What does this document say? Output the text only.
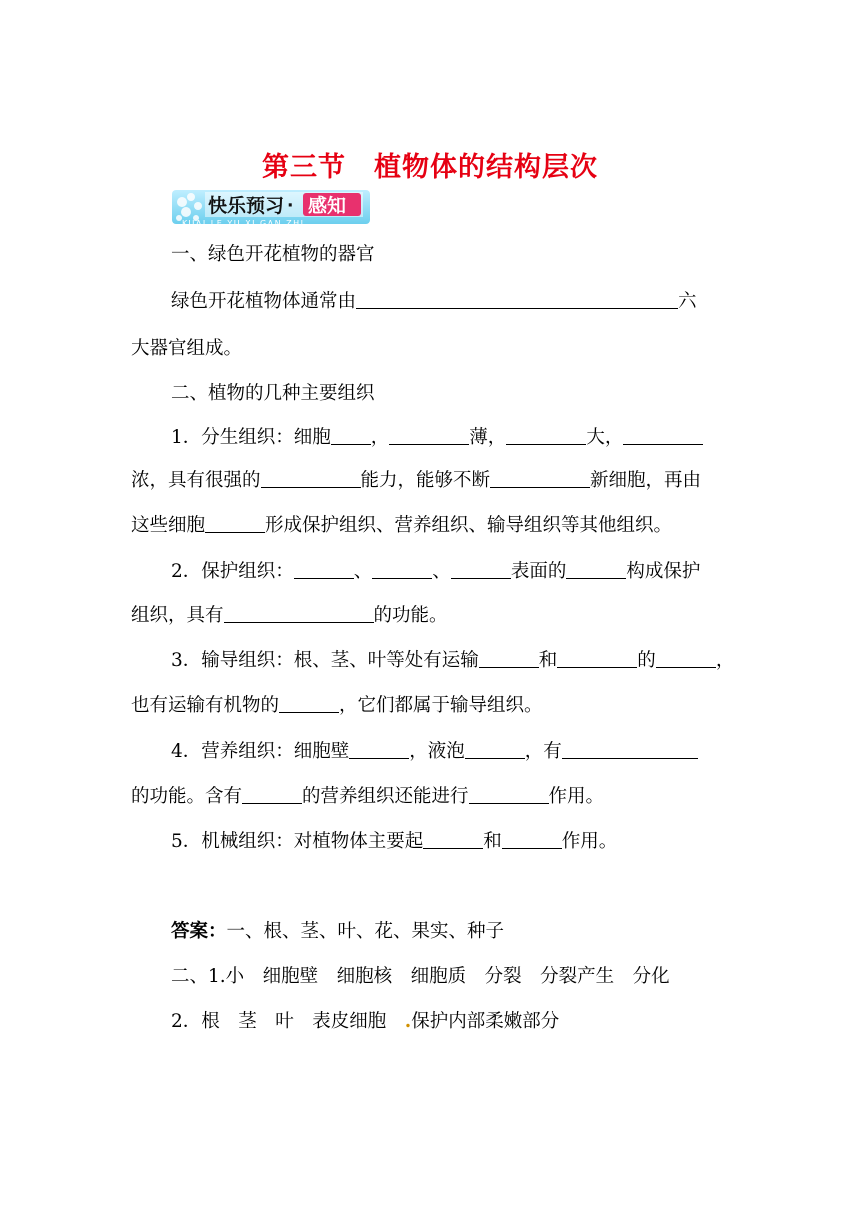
第三节　植物体的结构层次
快乐预习 · 感知
KUAI LE YU XI GAN ZHI
一、绿色开花植物的器官
绿色开花植物体通常由	六
大器官组成。
二、植物的几种主要组织
1．分生组织：细胞 ，	薄，	大，
浓，具有很强的	能力，能够不断	新细胞，再由
这些细胞	形成保护组织、营养组织、输导组织等其他组织。
2．保护组织：	、	、	表面的	构成保护
组织，具有	的功能。
3．输导组织：根、茎、叶等处有运输	和	的	，
也有运输有机物的	，它们都属于输导组织。
4．营养组织：细胞壁	，液泡	，有
的功能。含有	的营养组织还能进行	作用。
5．机械组织：对植物体主要起	和	作用。
答案：一、根、茎、叶、花、果实、种子
二、1.小　细胞壁　细胞核　细胞质　分裂　分裂产生　分化
2．根　茎　叶　表皮细胞　.保护内部柔嫩部分
